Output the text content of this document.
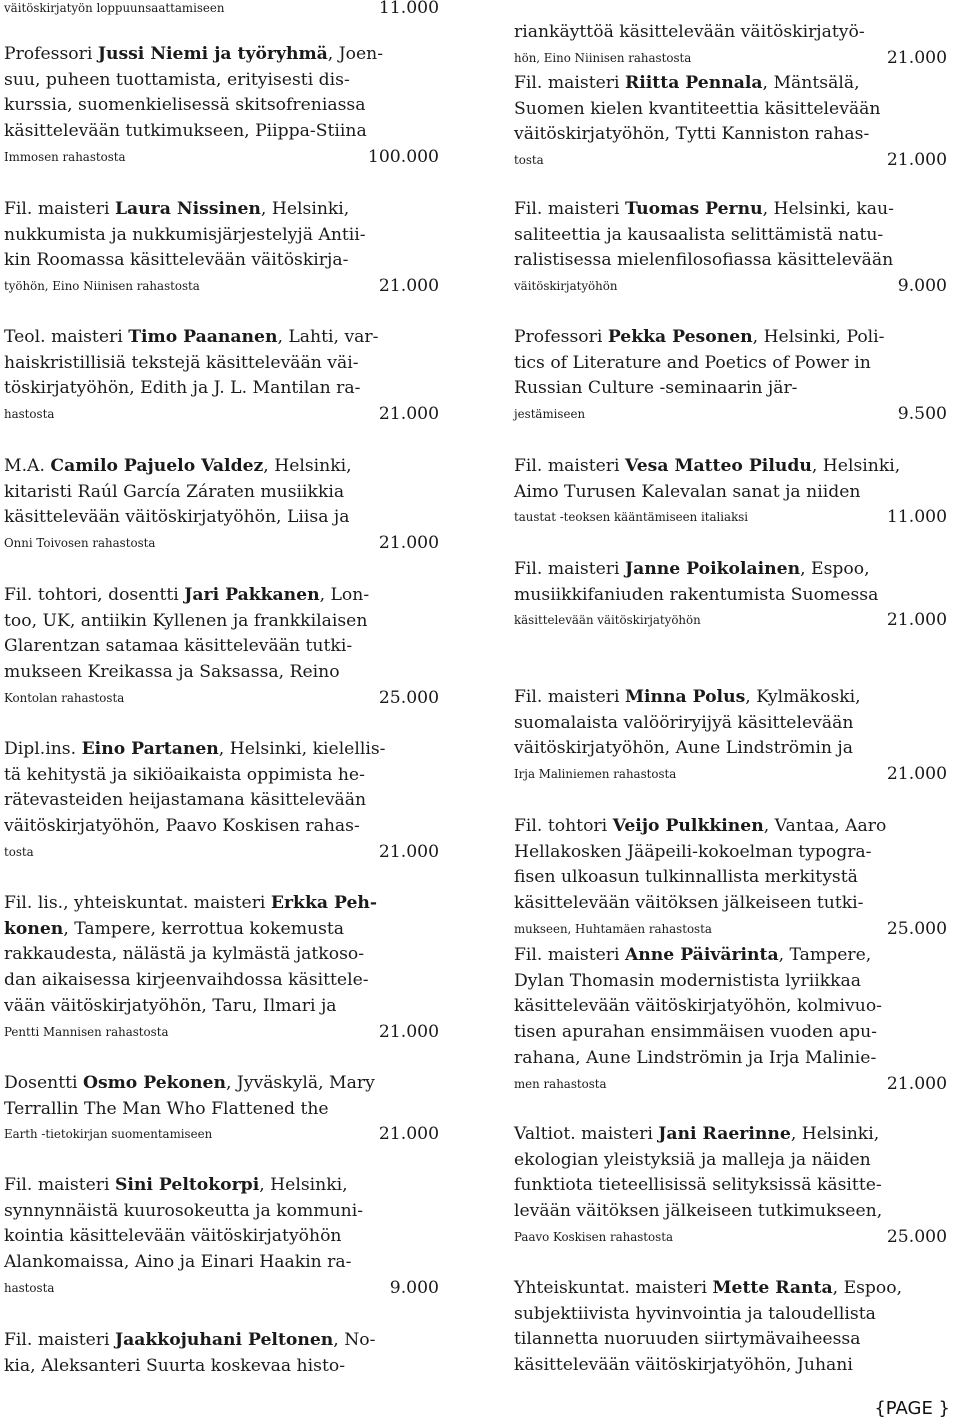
väitöskirjatyön loppuunsaattamiseen	11.000
Professori Jussi Niemi ja työryhmä, Joen-
suu, puheen tuottamista, erityisesti dis-
kurssia, suomenkielisessä skitsofreniassa
käsittelevään tutkimukseen, Piippa-Stiina
Immosen rahastosta	100.000
Fil. maisteri Laura Nissinen, Helsinki,
nukkumista ja nukkumisjärjestelyjä Antii-
kin Roomassa käsittelevään väitöskirja-
työhön, Eino Niinisen rahastosta	21.000
Teol. maisteri Timo Paananen, Lahti, var-
haiskristillisiä tekstejä käsittelevään väi-
töskirjatyöhön, Edith ja J. L. Mantilan ra-
hastosta	21.000
M.A. Camilo Pajuelo Valdez, Helsinki,
kitaristi Raúl García Záraten musiikkia
käsittelevään väitöskirjatyöhön, Liisa ja
Onni Toivosen rahastosta	21.000
Fil. tohtori, dosentti Jari Pakkanen, Lon-
too, UK, antiikin Kyllenen ja frankkilaisen
Glarentzan satamaa käsittelevään tutki-
mukseen Kreikassa ja Saksassa, Reino
Kontolan rahastosta	25.000
Dipl.ins. Eino Partanen, Helsinki, kielellis-
tä kehitystä ja sikiöaikaista oppimista he-
rätevasteiden heijastamana käsittelevään
väitöskirjatyöhön, Paavo Koskisen rahas-
tosta	21.000
Fil. lis., yhteiskuntat. maisteri Erkka Peh-
konen, Tampere, kerrottua kokemusta
rakkaudesta, nälästä ja kylmästä jatkoso-
dan aikaisessa kirjeenvaihdossa käsittele-
vään väitöskirjatyöhön, Taru, Ilmari ja
Pentti Mannisen rahastosta	21.000
Dosentti Osmo Pekonen, Jyväskylä, Mary
Terrallin The Man Who Flattened the
Earth -tietokirjan suomentamiseen	21.000
Fil. maisteri Sini Peltokorpi, Helsinki,
synnynnäistä kuurosokeutta ja kommuni-
kointia käsittelevään väitöskirjatyöhön
Alankomaissa, Aino ja Einari Haakin ra-
hastosta	9.000
Fil. maisteri Jaakkojuhani Peltonen, No-
kia, Aleksanteri Suurta koskevaa histo-
riankäyttöä käsittelevään väitöskirjatyö-
hön, Eino Niinisen rahastosta	21.000
Fil. maisteri Riitta Pennala, Mäntsälä,
Suomen kielen kvantiteettia käsittelevään
väitöskirjatyöhön, Tytti Kanniston rahas-
tosta	21.000
Fil. maisteri Tuomas Pernu, Helsinki, kau-
saliteettia ja kausaalista selittämistä natu-
ralistisessa mielenfilosofiassa käsittelevään
väitöskirjatyöhön	9.000
Professori Pekka Pesonen, Helsinki, Poli-
tics of Literature and Poetics of Power in
Russian Culture -seminaarin jär-
jestämiseen	9.500
Fil. maisteri Vesa Matteo Piludu, Helsinki,
Aimo Turusen Kalevalan sanat ja niiden
taustat -teoksen kääntämiseen italiaksi	11.000
Fil. maisteri Janne Poikolainen, Espoo,
musiikkifaniuden rakentumista Suomessa
käsittelevään väitöskirjatyöhön	21.000
Fil. maisteri Minna Polus, Kylmäkoski,
suomalaista valööriryijyä käsittelevään
väitöskirjatyöhön, Aune Lindströmin ja
Irja Maliniemen rahastosta	21.000
Fil. tohtori Veijo Pulkkinen, Vantaa, Aaro
Hellakosken Jääpeili-kokoelman typogra-
fisen ulkoasun tulkinnallista merkitystä
käsittelevään väitöksen jälkeiseen tutki-
mukseen, Huhtamäen rahastosta	25.000
Fil. maisteri Anne Päivärinta, Tampere,
Dylan Thomasin modernistista lyriikkaa
käsittelevään väitöskirjatyöhön, kolmivuo-
tisen apurahan ensimmäisen vuoden apu-
rahana, Aune Lindströmin ja Irja Malinie-
men rahastosta	21.000
Valtiot. maisteri Jani Raerinne, Helsinki,
ekologian yleistyksiä ja malleja ja näiden
funktiota tieteellisissä selityksissä käsitte-
levään väitöksen jälkeiseen tutkimukseen,
Paavo Koskisen rahastosta	25.000
Yhteiskuntat. maisteri Mette Ranta, Espoo,
subjektiivista hyvinvointia ja taloudellista
tilannetta nuoruuden siirtymävaiheessa
käsittelevään väitöskirjatyöhön, Juhani
{PAGE }
